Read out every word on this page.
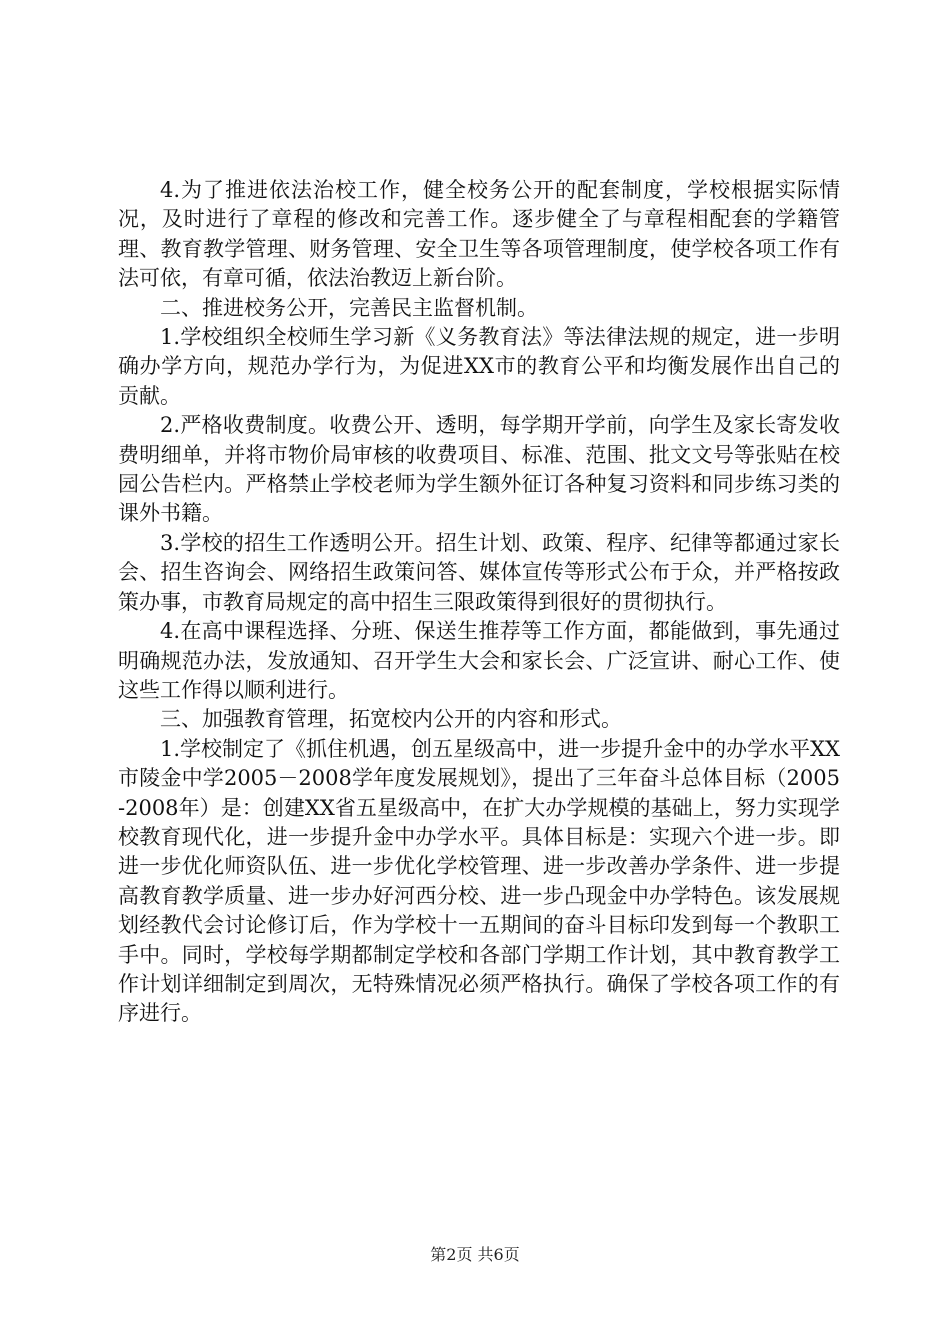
4.为了推进依法治校工作，健全校务公开的配套制度，学校根据实际情况，及时进行了章程的修改和完善工作。逐步健全了与章程相配套的学籍管理、教育教学管理、财务管理、安全卫生等各项管理制度，使学校各项工作有法可依，有章可循，依法治教迈上新台阶。

二、推进校务公开，完善民主监督机制。

1.学校组织全校师生学习新《义务教育法》等法律法规的规定，进一步明确办学方向，规范办学行为，为促进XX市的教育公平和均衡发展作出自己的贡献。

2.严格收费制度。收费公开、透明，每学期开学前，向学生及家长寄发收费明细单，并将市物价局审核的收费项目、标准、范围、批文文号等张贴在校园公告栏内。严格禁止学校老师为学生额外征订各种复习资料和同步练习类的课外书籍。

3.学校的招生工作透明公开。招生计划、政策、程序、纪律等都通过家长会、招生咨询会、网络招生政策问答、媒体宣传等形式公布于众，并严格按政策办事，市教育局规定的高中招生三限政策得到很好的贯彻执行。

4.在高中课程选择、分班、保送生推荐等工作方面，都能做到，事先通过明确规范办法，发放通知、召开学生大会和家长会、广泛宣讲、耐心工作、使这些工作得以顺利进行。

三、加强教育管理，拓宽校内公开的内容和形式。

1.学校制定了《抓住机遇，创五星级高中，进一步提升金中的办学水平XX市陵金中学2005－2008学年度发展规划》，提出了三年奋斗总体目标（2005-2008年）是：创建XX省五星级高中，在扩大办学规模的基础上，努力实现学校教育现代化，进一步提升金中办学水平。具体目标是：实现六个进一步。即进一步优化师资队伍、进一步优化学校管理、进一步改善办学条件、进一步提高教育教学质量、进一步办好河西分校、进一步凸现金中办学特色。该发展规划经教代会讨论修订后，作为学校十一五期间的奋斗目标印发到每一个教职工手中。同时，学校每学期都制定学校和各部门学期工作计划，其中教育教学工作计划详细制定到周次，无特殊情况必须严格执行。确保了学校各项工作的有序进行。

第2页 共6页
